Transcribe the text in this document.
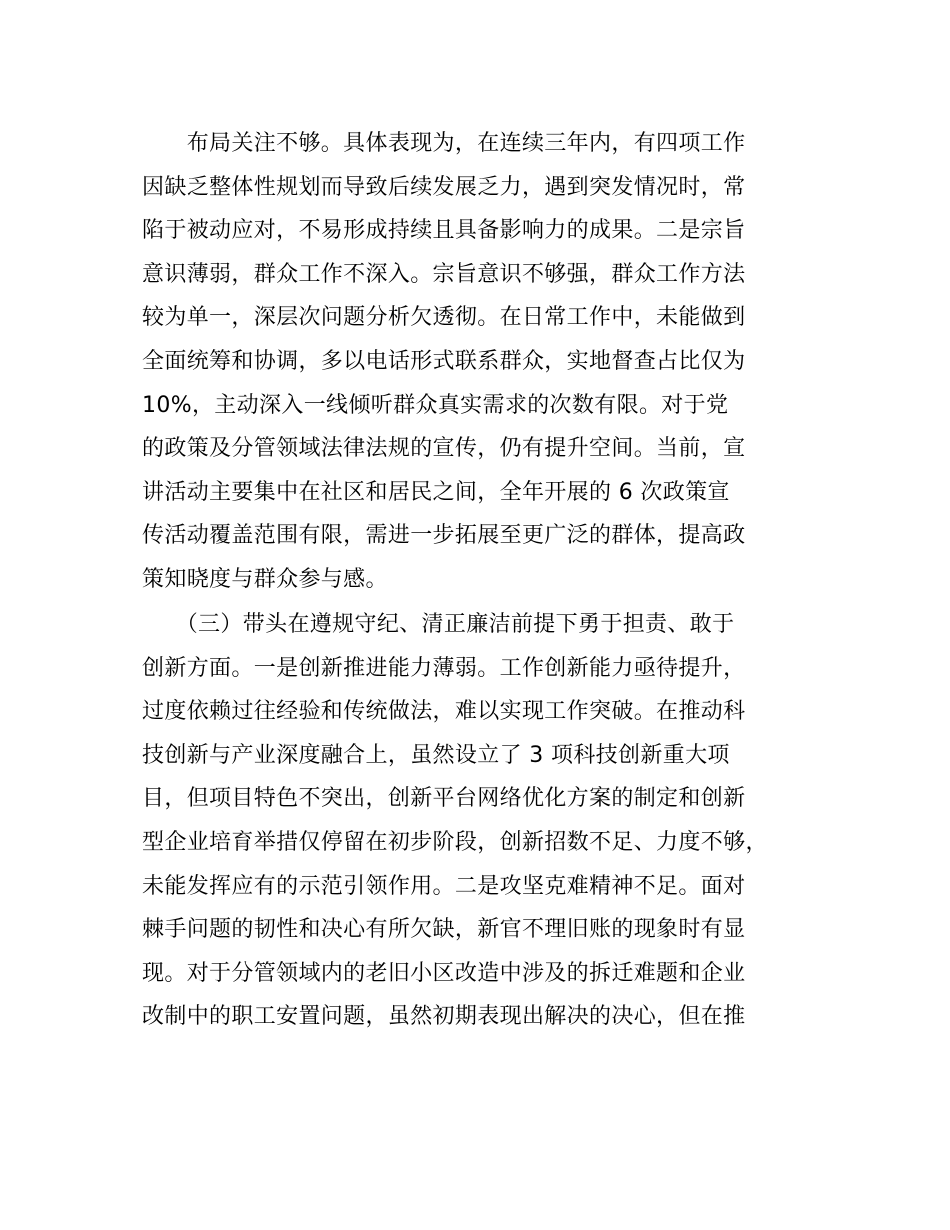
　　布局关注不够。具体表现为，在连续三年内，有四项工作
因缺乏整体性规划而导致后续发展乏力，遇到突发情况时，常
陷于被动应对，不易形成持续且具备影响力的成果。二是宗旨
意识薄弱，群众工作不深入。宗旨意识不够强，群众工作方法
较为单一，深层次问题分析欠透彻。在日常工作中，未能做到
全面统筹和协调，多以电话形式联系群众，实地督查占比仅为
10%，主动深入一线倾听群众真实需求的次数有限。对于党
的政策及分管领域法律法规的宣传，仍有提升空间。当前，宣
讲活动主要集中在社区和居民之间，全年开展的 6 次政策宣
传活动覆盖范围有限，需进一步拓展至更广泛的群体，提高政
策知晓度与群众参与感。
　　（三）带头在遵规守纪、清正廉洁前提下勇于担责、敢于
创新方面。一是创新推进能力薄弱。工作创新能力亟待提升，
过度依赖过往经验和传统做法，难以实现工作突破。在推动科
技创新与产业深度融合上，虽然设立了 3 项科技创新重大项
目，但项目特色不突出，创新平台网络优化方案的制定和创新
型企业培育举措仅停留在初步阶段，创新招数不足、力度不够，
未能发挥应有的示范引领作用。二是攻坚克难精神不足。面对
棘手问题的韧性和决心有所欠缺，新官不理旧账的现象时有显
现。对于分管领域内的老旧小区改造中涉及的拆迁难题和企业
改制中的职工安置问题，虽然初期表现出解决的决心，但在推
